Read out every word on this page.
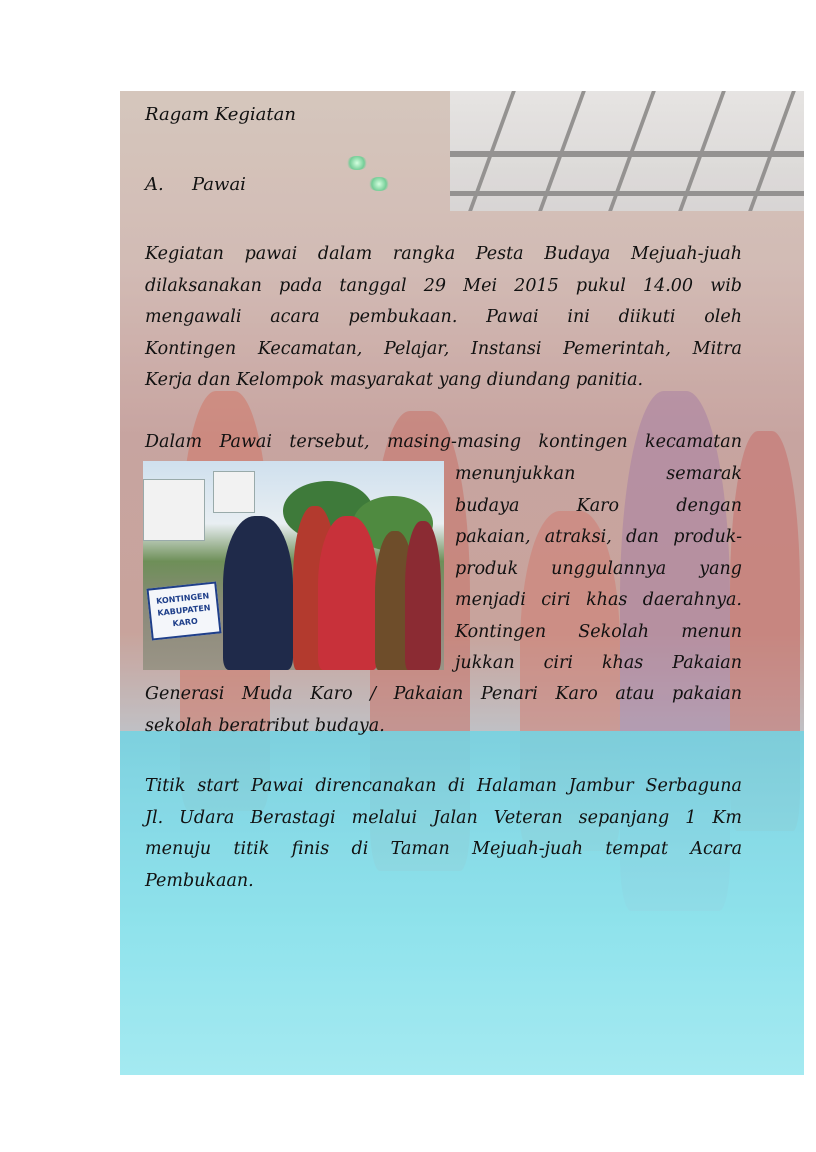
Ragam Kegiatan
A. Pawai
Kegiatan pawai dalam rangka Pesta Budaya Mejuah-juah
dilaksanakan pada tanggal 29 Mei 2015 pukul 14.00 wib
mengawali acara pembukaan. Pawai ini diikuti oleh
Kontingen Kecamatan, Pelajar, Instansi Pemerintah, Mitra
Kerja dan Kelompok masyarakat yang diundang panitia.
Dalam Pawai tersebut, masing-masing kontingen kecamatan
KONTINGEN KABUPATEN KARO
menunjukkan semarak
budaya Karo dengan
pakaian, atraksi, dan produk-
produk unggulannya yang
menjadi ciri khas daerahnya.
Kontingen Sekolah menun
jukkan ciri khas Pakaian
Generasi Muda Karo / Pakaian Penari Karo atau pakaian
sekolah beratribut budaya.
Titik start Pawai direncanakan di Halaman Jambur Serbaguna
Jl. Udara Berastagi melalui Jalan Veteran sepanjang 1 Km
menuju titik finis di Taman Mejuah-juah tempat Acara
Pembukaan.
